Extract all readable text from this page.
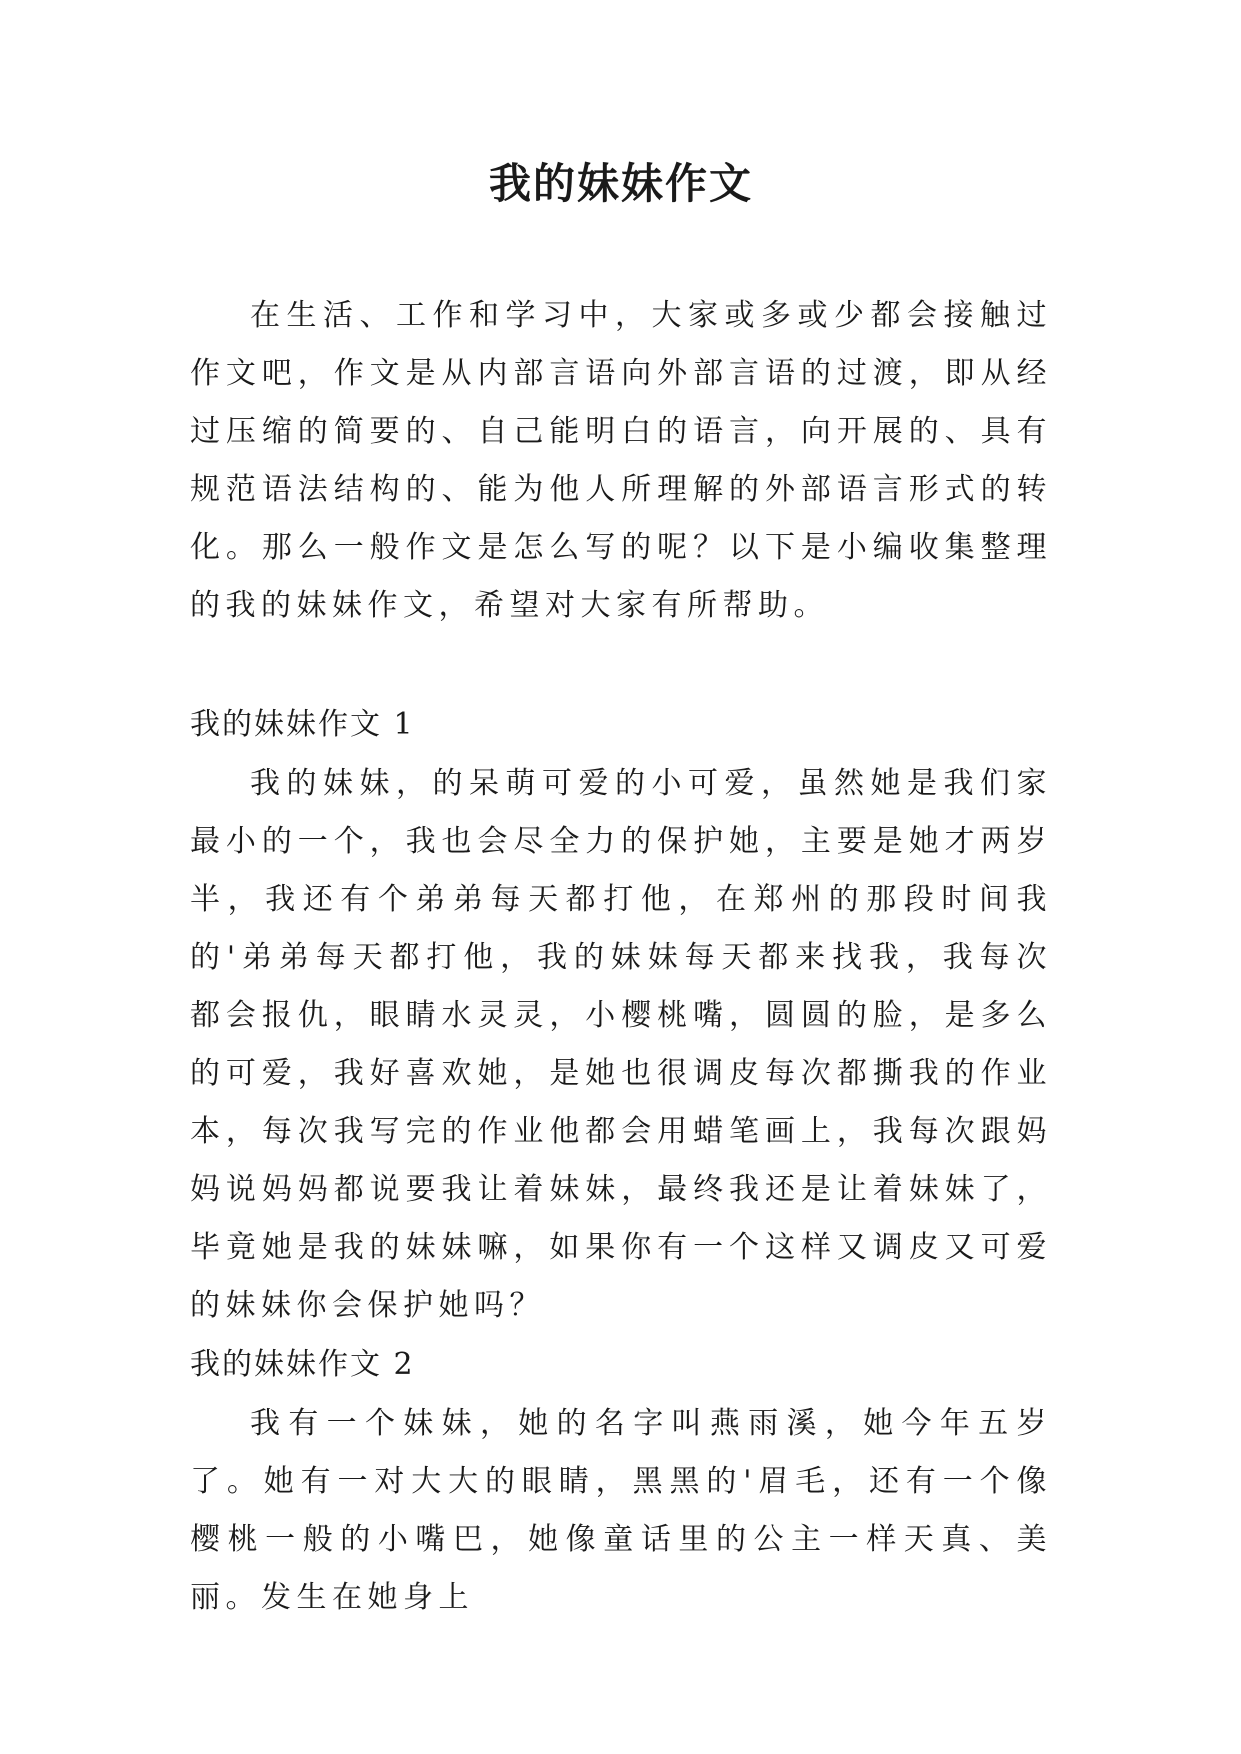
我的妹妹作文

在生活、工作和学习中，大家或多或少都会接触过作文吧，作文是从内部言语向外部言语的过渡，即从经过压缩的简要的、自己能明白的语言，向开展的、具有规范语法结构的、能为他人所理解的外部语言形式的转化。那么一般作文是怎么写的呢？以下是小编收集整理的我的妹妹作文，希望对大家有所帮助。

我的妹妹作文 1

我的妹妹，的呆萌可爱的小可爱，虽然她是我们家最小的一个，我也会尽全力的保护她，主要是她才两岁半，我还有个弟弟每天都打他，在郑州的那段时间我的'弟弟每天都打他，我的妹妹每天都来找我，我每次都会报仇，眼睛水灵灵，小樱桃嘴，圆圆的脸，是多么的可爱，我好喜欢她，是她也很调皮每次都撕我的作业本，每次我写完的作业他都会用蜡笔画上，我每次跟妈妈说妈妈都说要我让着妹妹，最终我还是让着妹妹了，毕竟她是我的妹妹嘛，如果你有一个这样又调皮又可爱的妹妹你会保护她吗？

我的妹妹作文 2

我有一个妹妹，她的名字叫燕雨溪，她今年五岁了。她有一对大大的眼睛，黑黑的'眉毛，还有一个像樱桃一般的小嘴巴，她像童话里的公主一样天真、美丽。发生在她身上
